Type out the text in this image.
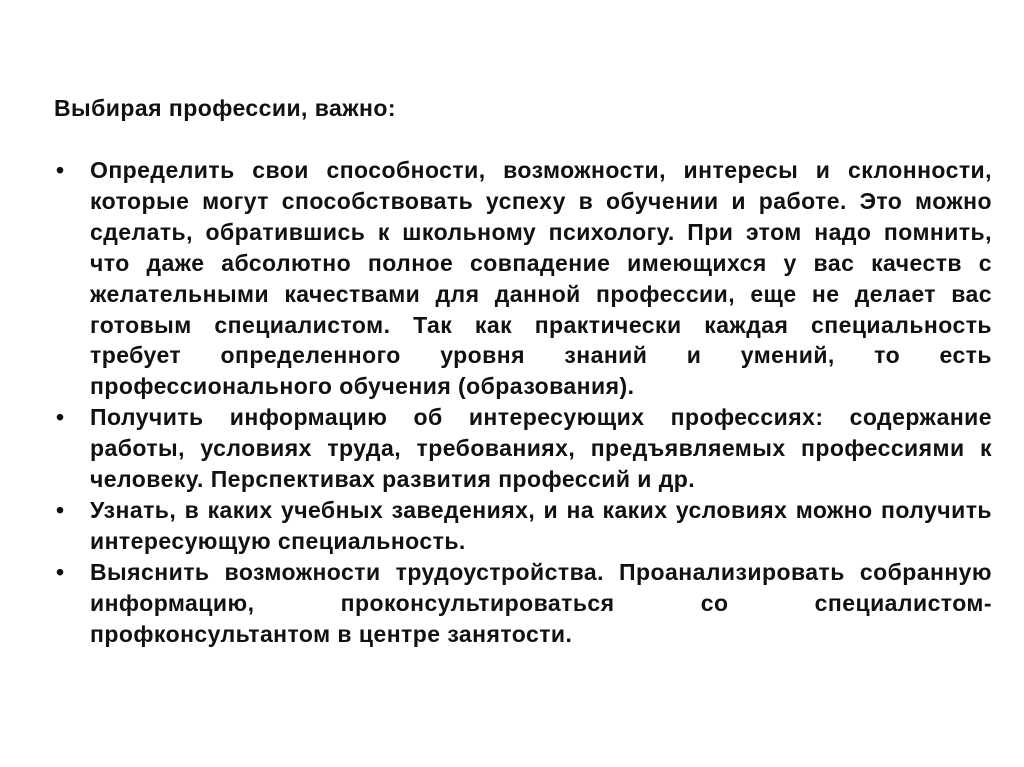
Выбирая профессии, важно:

• Определить свои способности, возможности, интересы и склонности, которые могут способствовать успеху в обучении и работе. Это можно сделать, обратившись к школьному психологу. При этом надо помнить, что даже абсолютно полное совпадение имеющихся у вас качеств с желательными качествами для данной профессии, еще не делает вас готовым специалистом. Так как практически каждая специальность требует определенного уровня знаний и умений, то есть профессионального обучения (образования).
• Получить информацию об интересующих профессиях: содержание работы, условиях труда, требованиях, предъявляемых профессиями к человеку. Перспективах развития профессий и др.
• Узнать, в каких учебных заведениях, и на каких условиях можно получить интересующую специальность.
• Выяснить возможности трудоустройства. Проанализировать собранную информацию, проконсультироваться со специалистом-профконсультантом в центре занятости.
